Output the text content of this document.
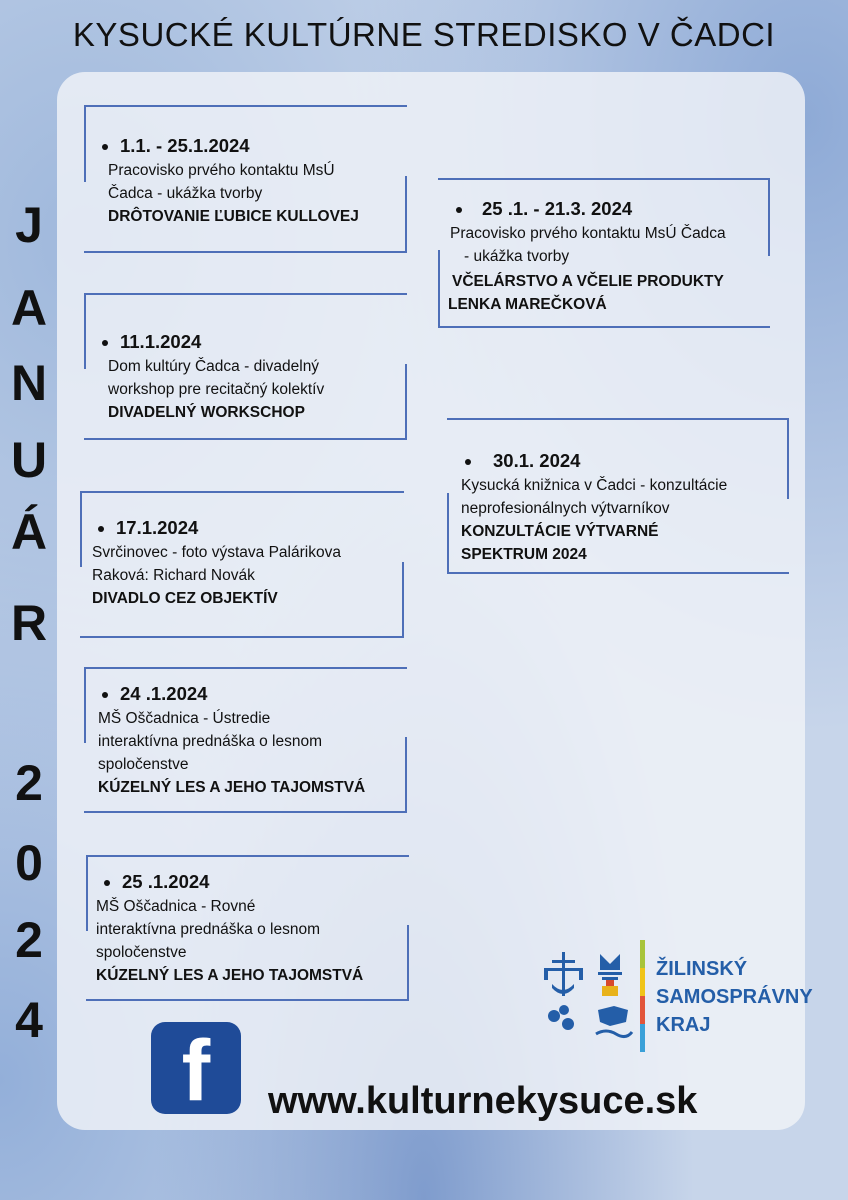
KYSUCKÉ KULTÚRNE STREDISKO V ČADCI
J
A
N
U
Á
R
2
0
2
4
1.1. - 25.1.2024
Pracovisko prvého kontaktu MsÚ
Čadca - ukážka tvorby
DRÔTOVANIE ĽUBICE KULLOVEJ
11.1.2024
Dom kultúry Čadca - divadelný
workshop pre recitačný kolektív
DIVADELNÝ WORKSCHOP
17.1.2024
Svrčinovec - foto výstava Palárikova
Raková: Richard Novák
DIVADLO CEZ OBJEKTÍV
24 .1.2024
MŠ Oščadnica - Ústredie
interaktívna prednáška o lesnom
spoločenstve
KÚZELNÝ LES A JEHO TAJOMSTVÁ
25 .1.2024
MŠ Oščadnica - Rovné
interaktívna prednáška o lesnom
spoločenstve
KÚZELNÝ LES A JEHO TAJOMSTVÁ
25 .1. - 21.3. 2024
Pracovisko prvého kontaktu MsÚ Čadca
- ukážka tvorby
VČELÁRSTVO A VČELIE PRODUKTY
LENKA MAREČKOVÁ
30.1. 2024
Kysucká knižnica v Čadci - konzultácie
neprofesionálnych výtvarníkov
KONZULTÁCIE VÝTVARNÉ
SPEKTRUM 2024
ŽILINSKÝ
SAMOSPRÁVNY
KRAJ
f	www.kulturnekysuce.sk
